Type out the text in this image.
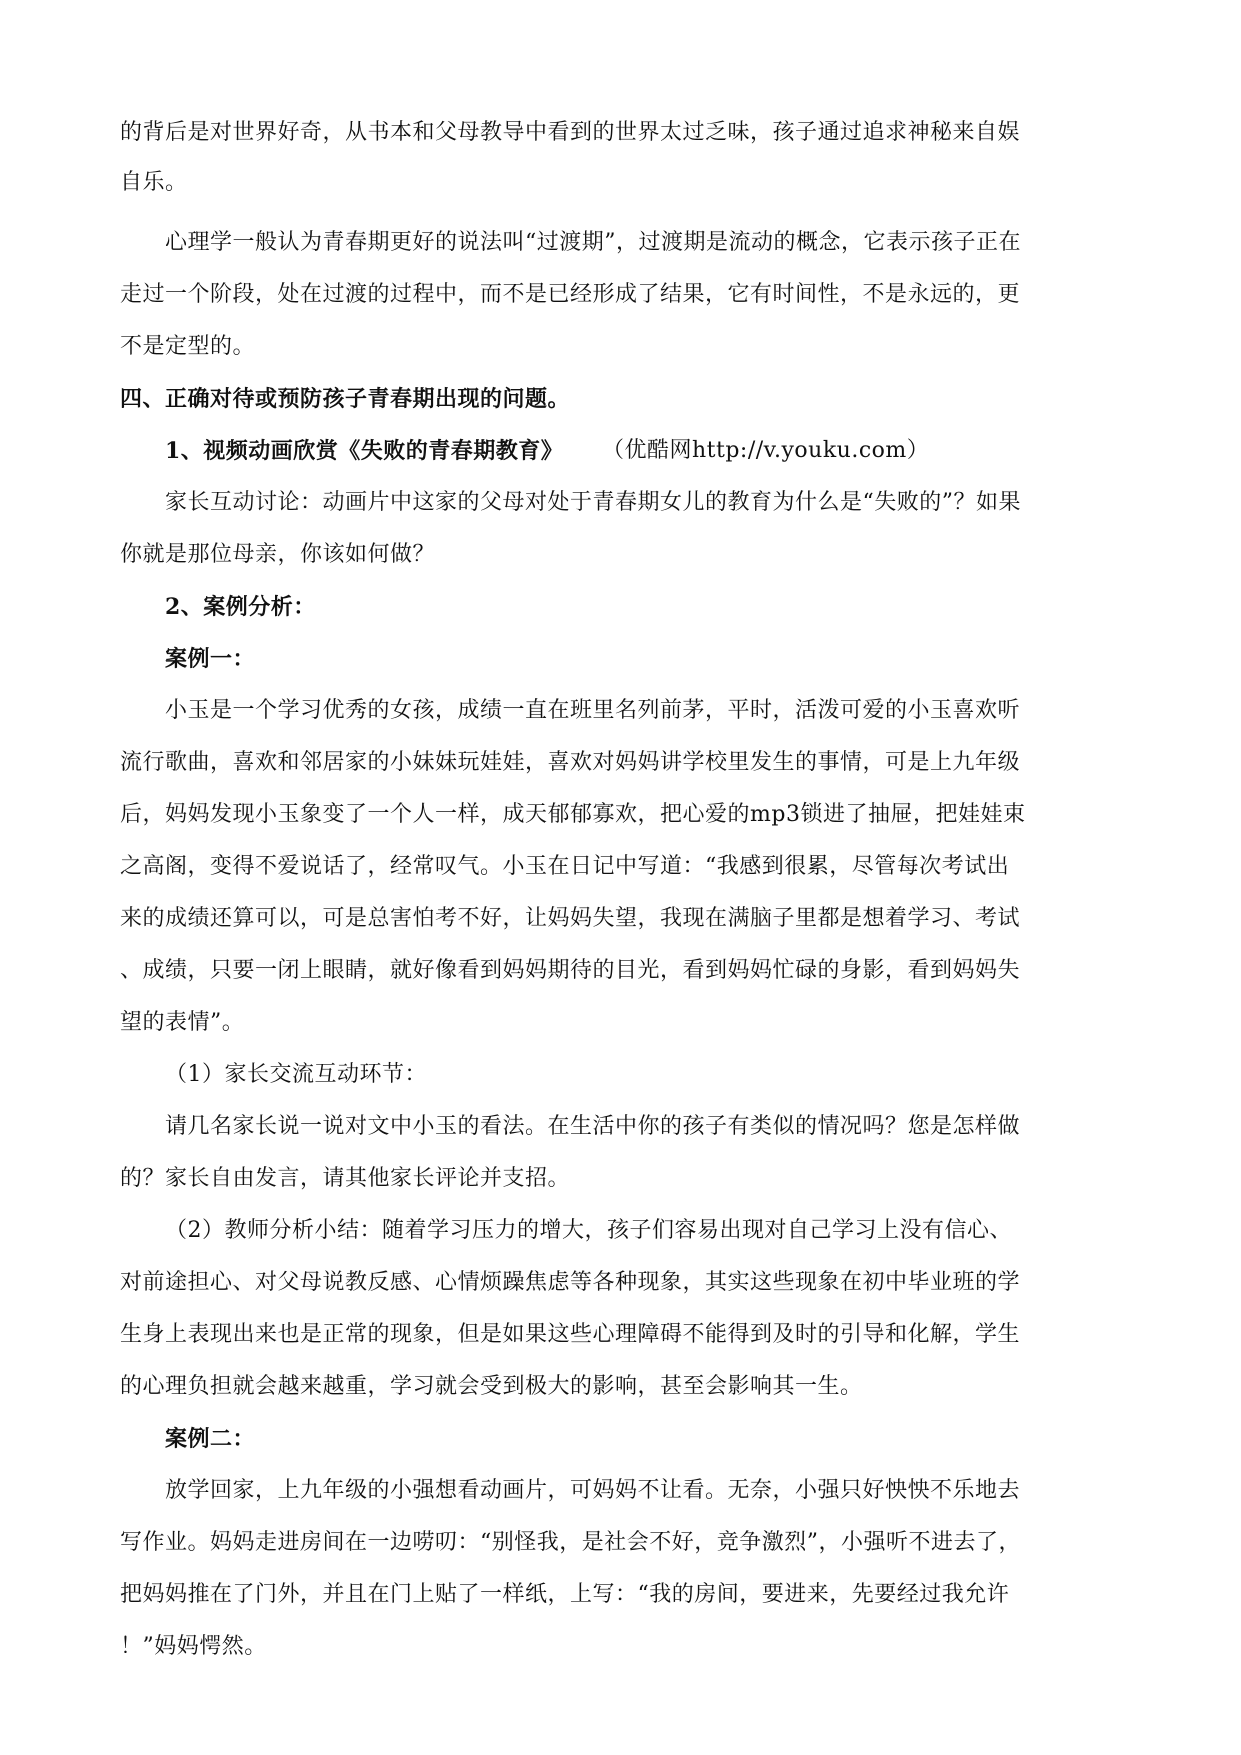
的背后是对世界好奇，从书本和父母教导中看到的世界太过乏味，孩子通过追求神秘来自娱
自乐。
心理学一般认为青春期更好的说法叫“过渡期”，过渡期是流动的概念，它表示孩子正在
走过一个阶段，处在过渡的过程中，而不是已经形成了结果，它有时间性，不是永远的，更
不是定型的。
四、正确对待或预防孩子青春期出现的问题。
1、视频动画欣赏《失败的青春期教育》 （优酷网http://v.youku.com）
家长互动讨论：动画片中这家的父母对处于青春期女儿的教育为什么是“失败的”？如果
你就是那位母亲，你该如何做？
2、案例分析：
案例一：
小玉是一个学习优秀的女孩，成绩一直在班里名列前茅，平时，活泼可爱的小玉喜欢听
流行歌曲，喜欢和邻居家的小妹妹玩娃娃，喜欢对妈妈讲学校里发生的事情，可是上九年级
后，妈妈发现小玉象变了一个人一样，成天郁郁寡欢，把心爱的mp3锁进了抽屉，把娃娃束
之高阁，变得不爱说话了，经常叹气。小玉在日记中写道：“我感到很累，尽管每次考试出
来的成绩还算可以，可是总害怕考不好，让妈妈失望，我现在满脑子里都是想着学习、考试
、成绩，只要一闭上眼睛，就好像看到妈妈期待的目光，看到妈妈忙碌的身影，看到妈妈失
望的表情”。
（1）家长交流互动环节：
请几名家长说一说对文中小玉的看法。在生活中你的孩子有类似的情况吗？您是怎样做
的？家长自由发言，请其他家长评论并支招。
（2）教师分析小结：随着学习压力的增大，孩子们容易出现对自己学习上没有信心、
对前途担心、对父母说教反感、心情烦躁焦虑等各种现象，其实这些现象在初中毕业班的学
生身上表现出来也是正常的现象，但是如果这些心理障碍不能得到及时的引导和化解，学生
的心理负担就会越来越重，学习就会受到极大的影响，甚至会影响其一生。
案例二：
放学回家，上九年级的小强想看动画片，可妈妈不让看。无奈，小强只好怏怏不乐地去
写作业。妈妈走进房间在一边唠叨：“别怪我，是社会不好，竞争激烈”，小强听不进去了，
把妈妈推在了门外，并且在门上贴了一样纸，上写：“我的房间，要进来，先要经过我允许
！”妈妈愕然。
